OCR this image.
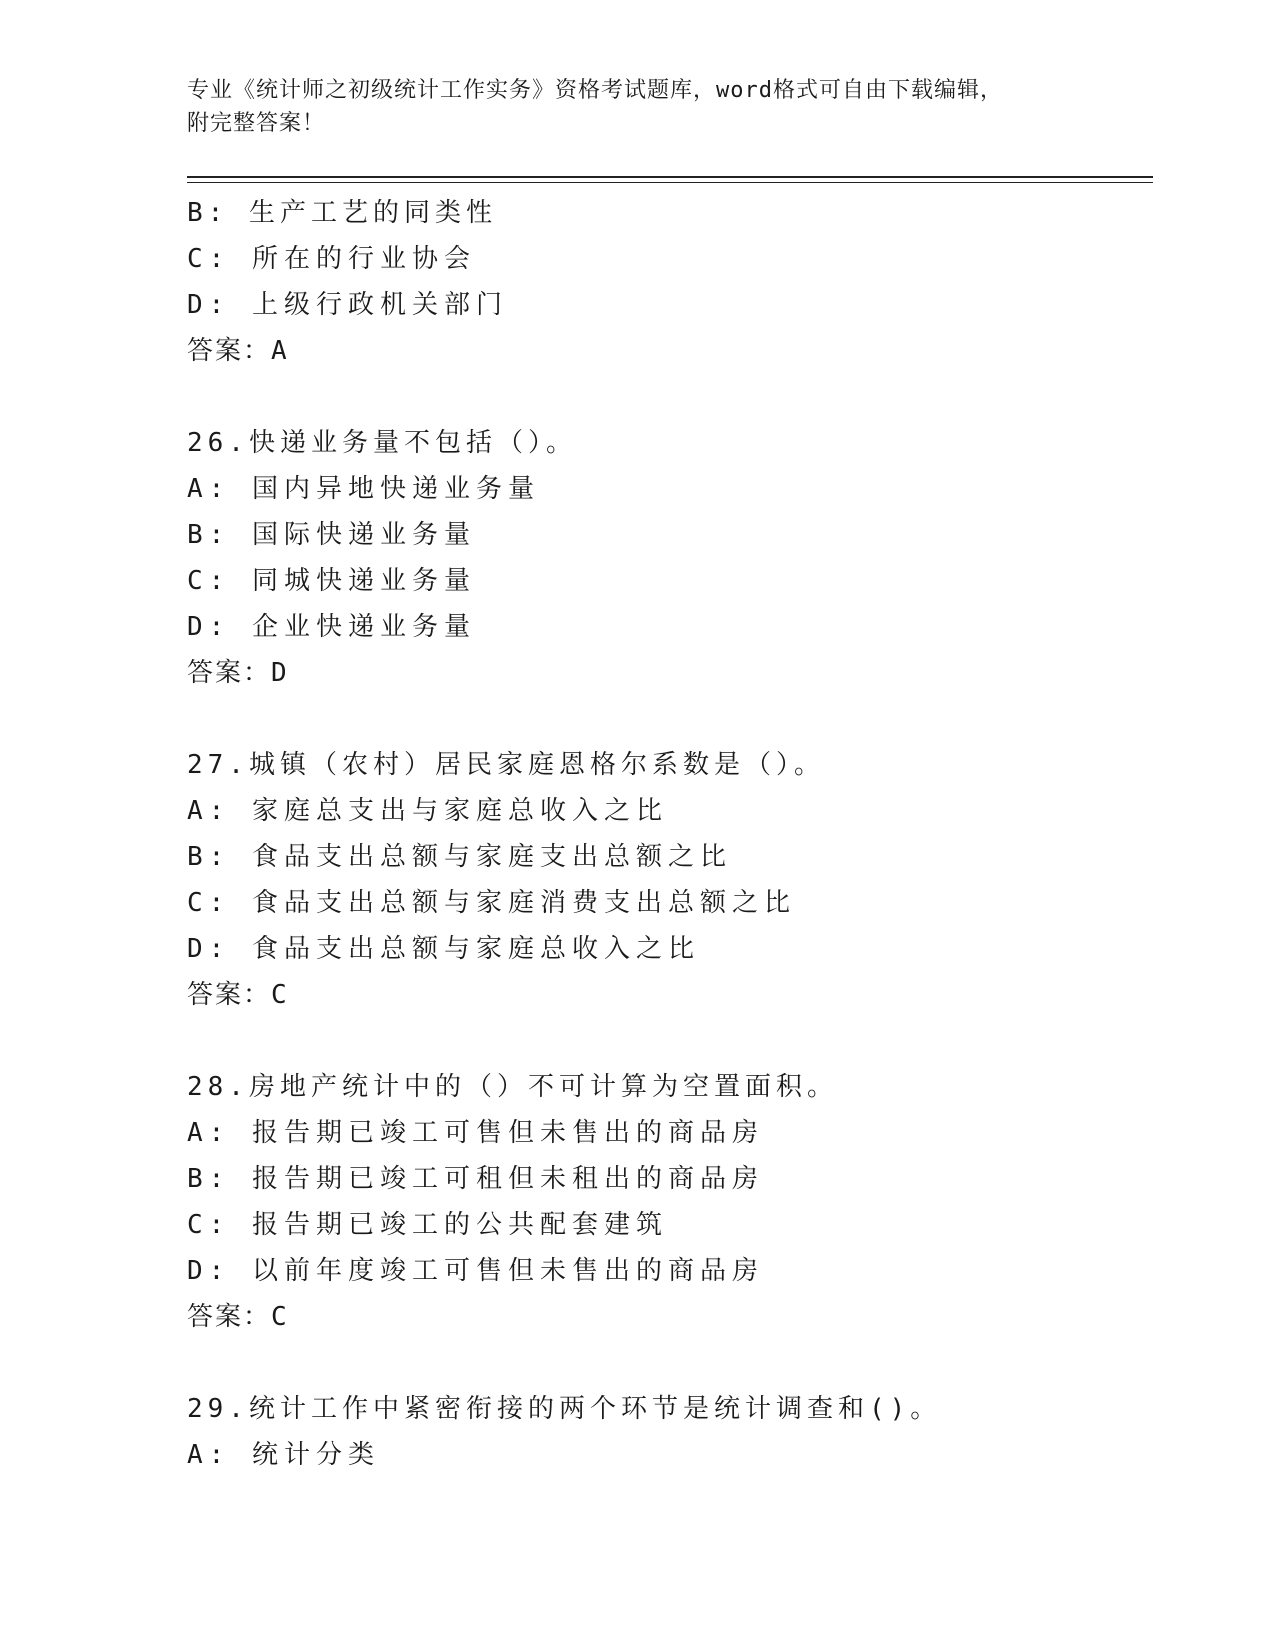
专业《统计师之初级统计工作实务》资格考试题库，word格式可自由下载编辑，
附完整答案！
B: 生产工艺的同类性
C: 所在的行业协会
D: 上级行政机关部门
答案：A
26.快递业务量不包括（）。
A: 国内异地快递业务量
B: 国际快递业务量
C: 同城快递业务量
D: 企业快递业务量
答案：D
27.城镇（农村）居民家庭恩格尔系数是（）。
A: 家庭总支出与家庭总收入之比
B: 食品支出总额与家庭支出总额之比
C: 食品支出总额与家庭消费支出总额之比
D: 食品支出总额与家庭总收入之比
答案：C
28.房地产统计中的（）不可计算为空置面积。
A: 报告期已竣工可售但未售出的商品房
B: 报告期已竣工可租但未租出的商品房
C: 报告期已竣工的公共配套建筑
D: 以前年度竣工可售但未售出的商品房
答案：C
29.统计工作中紧密衔接的两个环节是统计调查和()。
A: 统计分类
